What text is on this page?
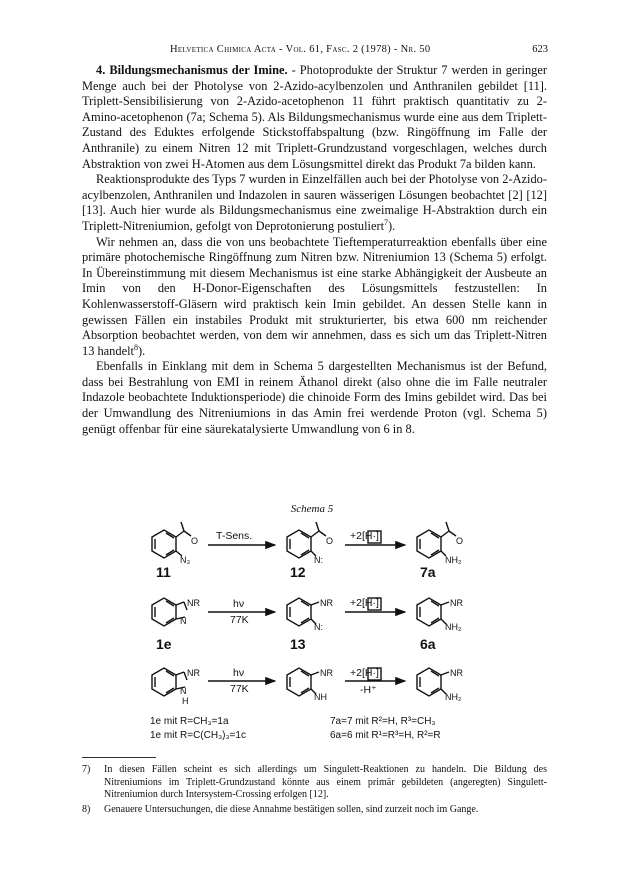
Helvetica Chimica Acta - Vol. 61, Fasc. 2 (1978) - Nr. 50	623

4. Bildungsmechanismus der Imine. - Photoprodukte der Struktur 7 werden in geringer Menge auch bei der Photolyse von 2-Azido-acylbenzolen und Anthranilen gebildet [11]. Triplett-Sensibilisierung von 2-Azido-acetophenon 11 führt praktisch quantitativ zu 2-Amino-acetophenon (7a; Schema 5). Als Bildungsmechanismus wurde eine aus dem Triplett-Zustand des Eduktes erfolgende Stickstoffabspaltung (bzw. Ringöffnung im Falle der Anthranile) zu einem Nitren 12 mit Triplett-Grundzustand vorgeschlagen, welches durch Abstraktion von zwei H-Atomen aus dem Lösungsmittel direkt das Produkt 7a bilden kann.

Reaktionsprodukte des Typs 7 wurden in Einzelfällen auch bei der Photolyse von 2-Azido-acylbenzolen, Anthranilen und Indazolen in sauren wässerigen Lösungen beobachtet [2] [12] [13]. Auch hier wurde als Bildungsmechanismus eine zweimalige H-Abstraktion durch ein Triplett-Nitreniumion, gefolgt von Deprotonierung postuliert$^7$).

Wir nehmen an, dass die von uns beobachtete Tieftemperaturreaktion ebenfalls über eine primäre photochemische Ringöffnung zum Nitren bzw. Nitreniumion 13 (Schema 5) erfolgt. In Übereinstimmung mit diesem Mechanismus ist eine starke Abhängigkeit der Ausbeute an Imin von den H-Donor-Eigenschaften des Lösungsmittels festzustellen: In Kohlenwasserstoff-Gläsern wird praktisch kein Imin gebildet. An dessen Stelle kann in gewissen Fällen ein instabiles Produkt mit strukturierter, bis etwa 600 nm reichender Absorption beobachtet werden, von dem wir annehmen, dass es sich um das Triplett-Nitren 13 handelt$^8$).

Ebenfalls in Einklang mit dem in Schema 5 dargestellten Mechanismus ist der Befund, dass bei Bestrahlung von EMI in reinem Äthanol direkt (also ohne die im Falle neutraler Indazole beobachtete Induktionsperiode) die chinoide Form des Imins gebildet wird. Das bei der Umwandlung des Nitreniumions in das Amin frei werdende Proton (vgl. Schema 5) genügt offenbar für eine säurekatalysierte Umwandlung von 6 in 8.

Schema 5
O
N₃
T-Sens.	O
N:
+2[H·]	O
NH₂
11	12	7a
NR
N
hν
77K
NR
N:
+2[H·]	NR
NH₂
1e	13	6a
NR
N
H
hν
77K
NR
NH
+2[H·]
-H⁺
NR
NH₂
1e mit R=CH₃=1a
1e mit R=C(CH₃)₃=1c
7a=7 mit R²=H, R³=CH₃
6a=6 mit R¹=R³=H, R²=R
7) In diesen Fällen scheint es sich allerdings um Singulett-Reaktionen zu handeln. Die Bildung des Nitreniumions im Triplett-Grundzustand könnte aus einem primär gebildeten (angeregten) Singulett-Nitreniumion durch Intersystem-Crossing erfolgen [12].
8) Genauere Untersuchungen, die diese Annahme bestätigen sollen, sind zurzeit noch im Gange.
